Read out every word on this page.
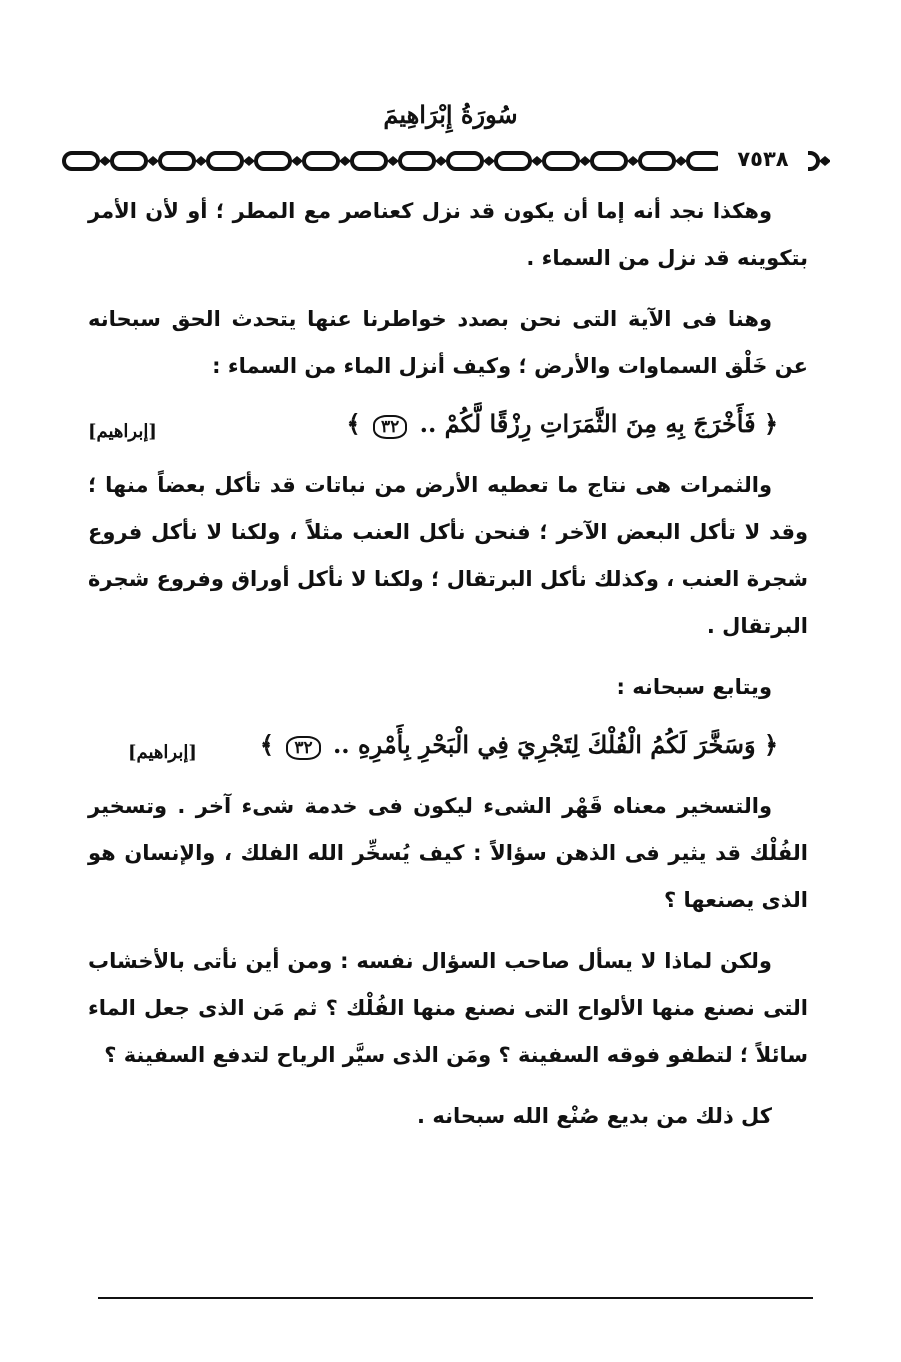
سُورَةُ إِبْرَاهِيمَ
٧٥٣٨

وهكذا نجد أنه إما أن يكون قد نزل كعناصر مع المطر ؛ أو لأن الأمر بتكوينه قد نزل من السماء .

وهنا فى الآية التى نحن بصدد خواطرنا عنها يتحدث الحق سبحانه عن خَلْق السماوات والأرض ؛ وكيف أنزل الماء من السماء :

﴿ فَأَخْرَجَ بِهِ مِنَ الثَّمَرَاتِ رِزْقًا لَّكُمْ .. ٣٢ ﴾
[إبراهيم]

والثمرات هى نتاج ما تعطيه الأرض من نباتات قد تأكل بعضاً منها ؛ وقد لا تأكل البعض الآخر ؛ فنحن نأكل العنب مثلاً ، ولكنا لا نأكل فروع شجرة العنب ، وكذلك نأكل البرتقال ؛ ولكنا لا نأكل أوراق وفروع شجرة البرتقال .

ويتابع سبحانه :

﴿ وَسَخَّرَ لَكُمُ الْفُلْكَ لِتَجْرِيَ فِي الْبَحْرِ بِأَمْرِهِ .. ٣٢ ﴾
[إبراهيم]

والتسخير معناه قَهْر الشىء ليكون فى خدمة شىء آخر . وتسخير الفُلْك قد يثير فى الذهن سؤالاً : كيف يُسخِّر الله الفلك ، والإنسان هو الذى يصنعها ؟

ولكن لماذا لا يسأل صاحب السؤال نفسه : ومن أين نأتى بالأخشاب التى نصنع منها الألواح التى نصنع منها الفُلْك ؟ ثم مَن الذى جعل الماء سائلاً ؛ لتطفو فوقه السفينة ؟ ومَن الذى سيَّر الرياح لتدفع السفينة ؟

كل ذلك من بديع صُنْع الله سبحانه .
